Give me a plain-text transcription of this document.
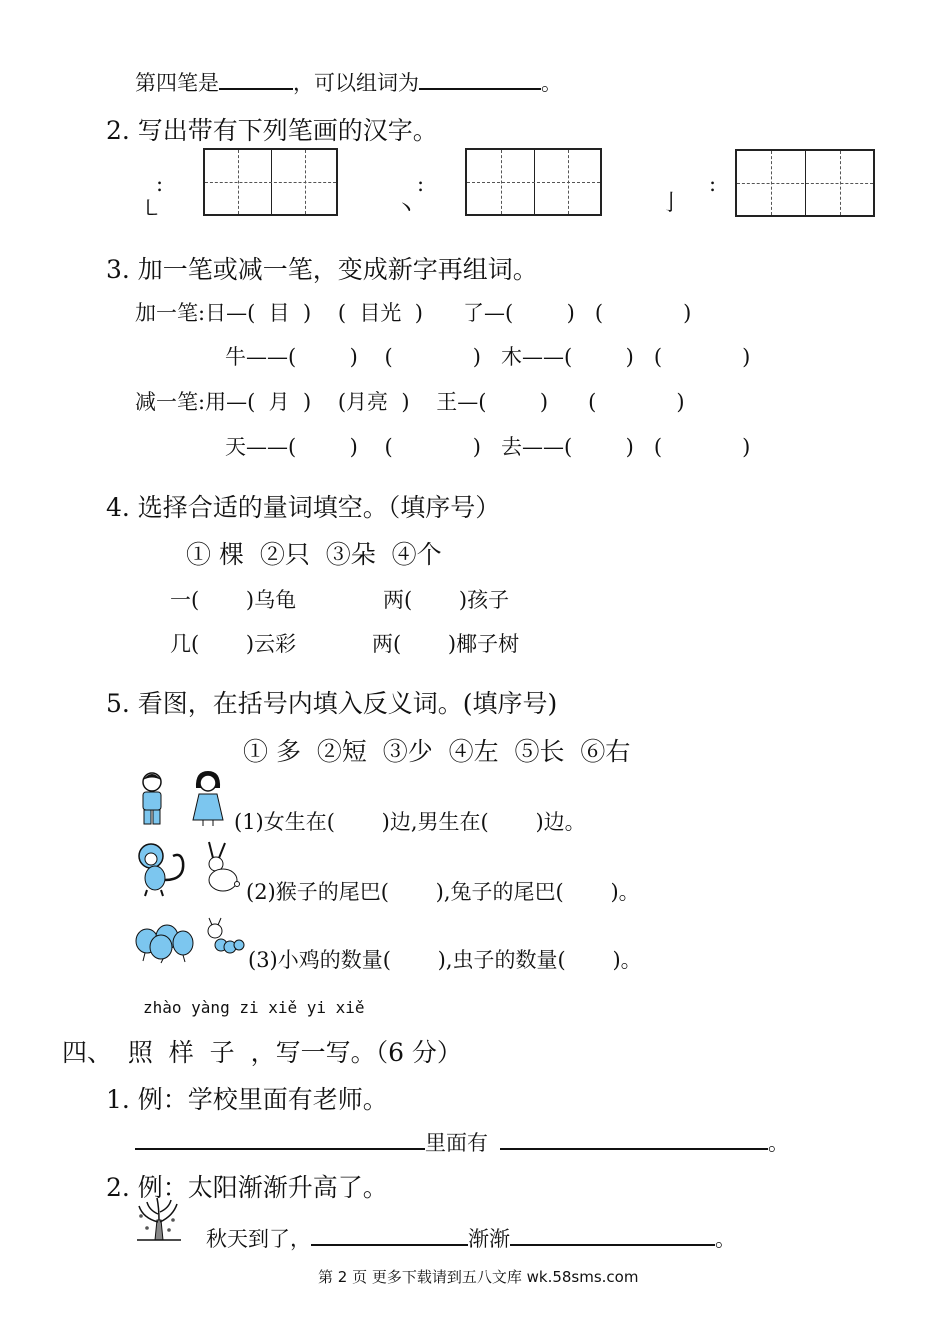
第四笔是	，可以组词为	。
2. 写出带有下列笔画的汉字。
㇄
:
丶
:
亅
:
3. 加一笔或减一笔，变成新字再组词。
加一笔:日—(  目  )    (  目光  )      了—(        )   (            )
牛——(        )    (            )   木——(        )   (            )
减一笔:用—(  月  )    (月亮  )    王—(        )      (            )
天——(        )    (            )   去——(        )   (            )
4. 选择合适的量词填空。（填序号）
① 棵  ②只  ③朵  ④个
一(       )乌龟	两(       )孩子
几(       )云彩	两(       )椰子树
5. 看图，在括号内填入反义词。(填序号)
① 多  ②短  ③少  ④左  ⑤长  ⑥右
(1)女生在(       )边,男生在(       )边。
(2)猴子的尾巴(       ),兔子的尾巴(       )。
(3)小鸡的数量(       ),虫子的数量(       )。
zhào yàng zi xiě yi xiě
四、  照  样  子  ，写一写。（6 分）
1. 例：学校里面有老师。
里面有	。
2. 例：太阳渐渐升高了。
秋天到了，	渐渐	。
第 2 页 更多下载请到五八文库 wk.58sms.com
